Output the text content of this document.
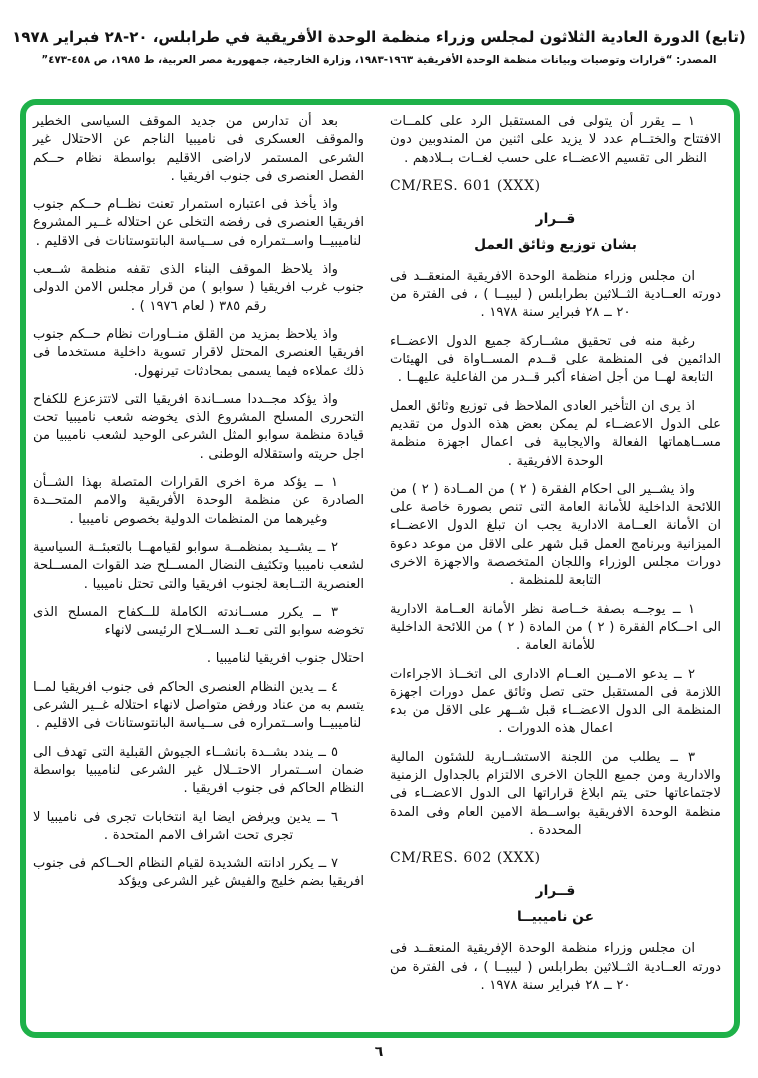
(تابع) الدورة العادية الثلاثون لمجلس وزراء منظمة الوحدة الأفريقية في طرابلس، ٢٠-٢٨ فبراير ١٩٧٨
المصدر: “قرارات وتوصيات وبيانات منظمة الوحدة الأفريقية ١٩٦٣-١٩٨٣، وزارة الخارجية، جمهورية مصر العربية، ط ١٩٨٥، ص ٤٥٨-٤٧٣”

١ ــ يقرر أن يتولى فى المستقبل الرد على كلمــات الافتتاح والختــام عدد لا يزيد على اثنين من المندوبين دون النظر الى تقسيم الاعضــاء على حسب لغــات بــلادهم .

CM/RES. 601 (XXX)
قــرار
بشان توزيع وثائق العمل

ان مجلس وزراء منظمة الوحدة الافريقية المنعقــد فى دورته العــادية الثــلاثين بطرابلس ( ليبيــا ) ، فى الفترة من ٢٠ ــ ٢٨ فبراير سنة ١٩٧٨ .

رغبة منه فى تحقيق مشــاركة جميع الدول الاعضــاء الدائمين فى المنظمة على قــدم المســاواة فى الهيئات التابعة لهــا من أجل اضفاء أكبر قــدر من الفاعلية عليهــا .

اذ يرى ان التأخير العادى الملاحظ فى توزيع وثائق العمل على الدول الاعضــاء لم يمكن بعض هذه الدول من تقديم مســاهماتها الفعالة والايجابية فى اعمال اجهزة منظمة الوحدة الافريقية .

واذ يشــير الى احكام الفقرة ( ٢ ) من المــادة ( ٢ ) من اللائحة الداخلية للأمانة العامة التى تنص بصورة خاصة على ان الأمانة العــامة الادارية يجب ان تبلغ الدول الاعضــاء الميزانية وبرنامج العمل قبل شهر على الاقل من موعد دعوة دورات مجلس الوزراء واللجان المتخصصة والاجهزة الاخرى التابعة للمنظمة .

١ ــ يوجــه بصفة خــاصة نظر الأمانة العــامة الادارية الى احــكام الفقرة ( ٢ ) من المادة ( ٢ ) من اللائحة الداخلية للأمانة العامة .

٢ ــ يدعو الامــين العــام الادارى الى اتخــاذ الاجراءات اللازمة فى المستقبل حتى تصل وثائق عمل دورات اجهزة المنظمة الى الدول الاعضــاء قبل شــهر على الاقل من بدء اعمال هذه الدورات .

٣ ــ يطلب من اللجنة الاستشــارية للشئون المالية والادارية ومن جميع اللجان الاخرى الالتزام بالجداول الزمنية لاجتماعاتها حتى يتم ابلاغ قراراتها الى الدول الاعضــاء فى منظمة الوحدة الافريقية بواســطة الامين العام وفى المدة المحددة .

CM/RES. 602 (XXX)
قــرار
عن ناميبيــا

ان مجلس وزراء منظمة الوحدة الإفريقية المنعقــد فى دورته العــادية الثــلاثين بطرابلس ( ليبيــا ) ، فى الفترة من ٢٠ ــ ٢٨ فبراير سنة ١٩٧٨ .

بعد أن تدارس من جديد الموقف السياسى الخطير والموقف العسكرى فى ناميبيا الناجم عن الاحتلال غير الشرعى المستمر لاراضى الاقليم بواسطة نظام حــكم الفصل العنصرى فى جنوب افريقيا .

واذ يأخذ فى اعتباره استمرار تعنت نظــام حــكم جنوب افريقيا العنصرى فى رفضه التخلى عن احتلاله غــير المشروع لناميبيــا واســتمراره فى ســياسة البانتوستانات فى الاقليم .

واذ يلاحظ الموقف البناء الذى تقفه منظمة شــعب جنوب غرب افريقيا ( سوابو ) من قرار مجلس الامن الدولى رقم ٣٨٥ ( لعام ١٩٧٦ ) .

واذ يلاحظ بمزيد من القلق منــاورات نظام حــكم جنوب افريقيا العنصرى المحتل لاقرار تسوية داخلية مستخدما فى ذلك عملاءه فيما يسمى بمحادثات تيرنهول.

واذ يؤكد مجــددا مســاندة افريقيا التى لاتتزعزع للكفاح التحررى المسلح المشروع الذى يخوضه شعب ناميبيا تحت قيادة منظمة سوابو المثل الشرعى الوحيد لشعب ناميبيا من اجل حريته واستقلاله الوطنى .

١ ــ يؤكد مرة اخرى القرارات المتصلة بهذا الشــأن الصادرة عن منظمة الوحدة الأفريقية والامم المتحــدة وغيرهما من المنظمات الدولية بخصوص ناميبيا .

٢ ــ يشــيد بمنظمــة سوابو لقيامهــا بالتعبئــة السياسية لشعب ناميبيا وتكثيف النضال المســلح ضد القوات المســلحة العنصرية التــابعة لجنوب افريقيا والتى تحتل ناميبيا .

٣ ــ يكرر مســاندته الكاملة للــكفاح المسلح الذى تخوضه سوابو التى تعــد الســلاح الرئيسى لانهاء

احتلال جنوب افريقيا لناميبيا .

٤ ــ يدين النظام العنصرى الحاكم فى جنوب افريقيا لمــا يتسم به من عناد ورفض متواصل لانهاء احتلاله غــير الشرعى لناميبيــا واســتمراره فى ســياسة البانتوستانات فى الاقليم .

٥ ــ يندد بشــدة بانشــاء الجيوش القبلية التى تهدف الى ضمان اســتمرار الاحتــلال غير الشرعى لناميبيا بواسطة النظام الحاكم فى جنوب افريقيا .

٦ ــ يدين ويرفض ايضا اية انتخابات تجرى فى ناميبيا لا تجرى تحت اشراف الامم المتحدة .

٧ ــ يكرر ادانته الشديدة لقيام النظام الحــاكم فى جنوب افريقيا بضم خليج والفيش غير الشرعى ويؤكد

٦
